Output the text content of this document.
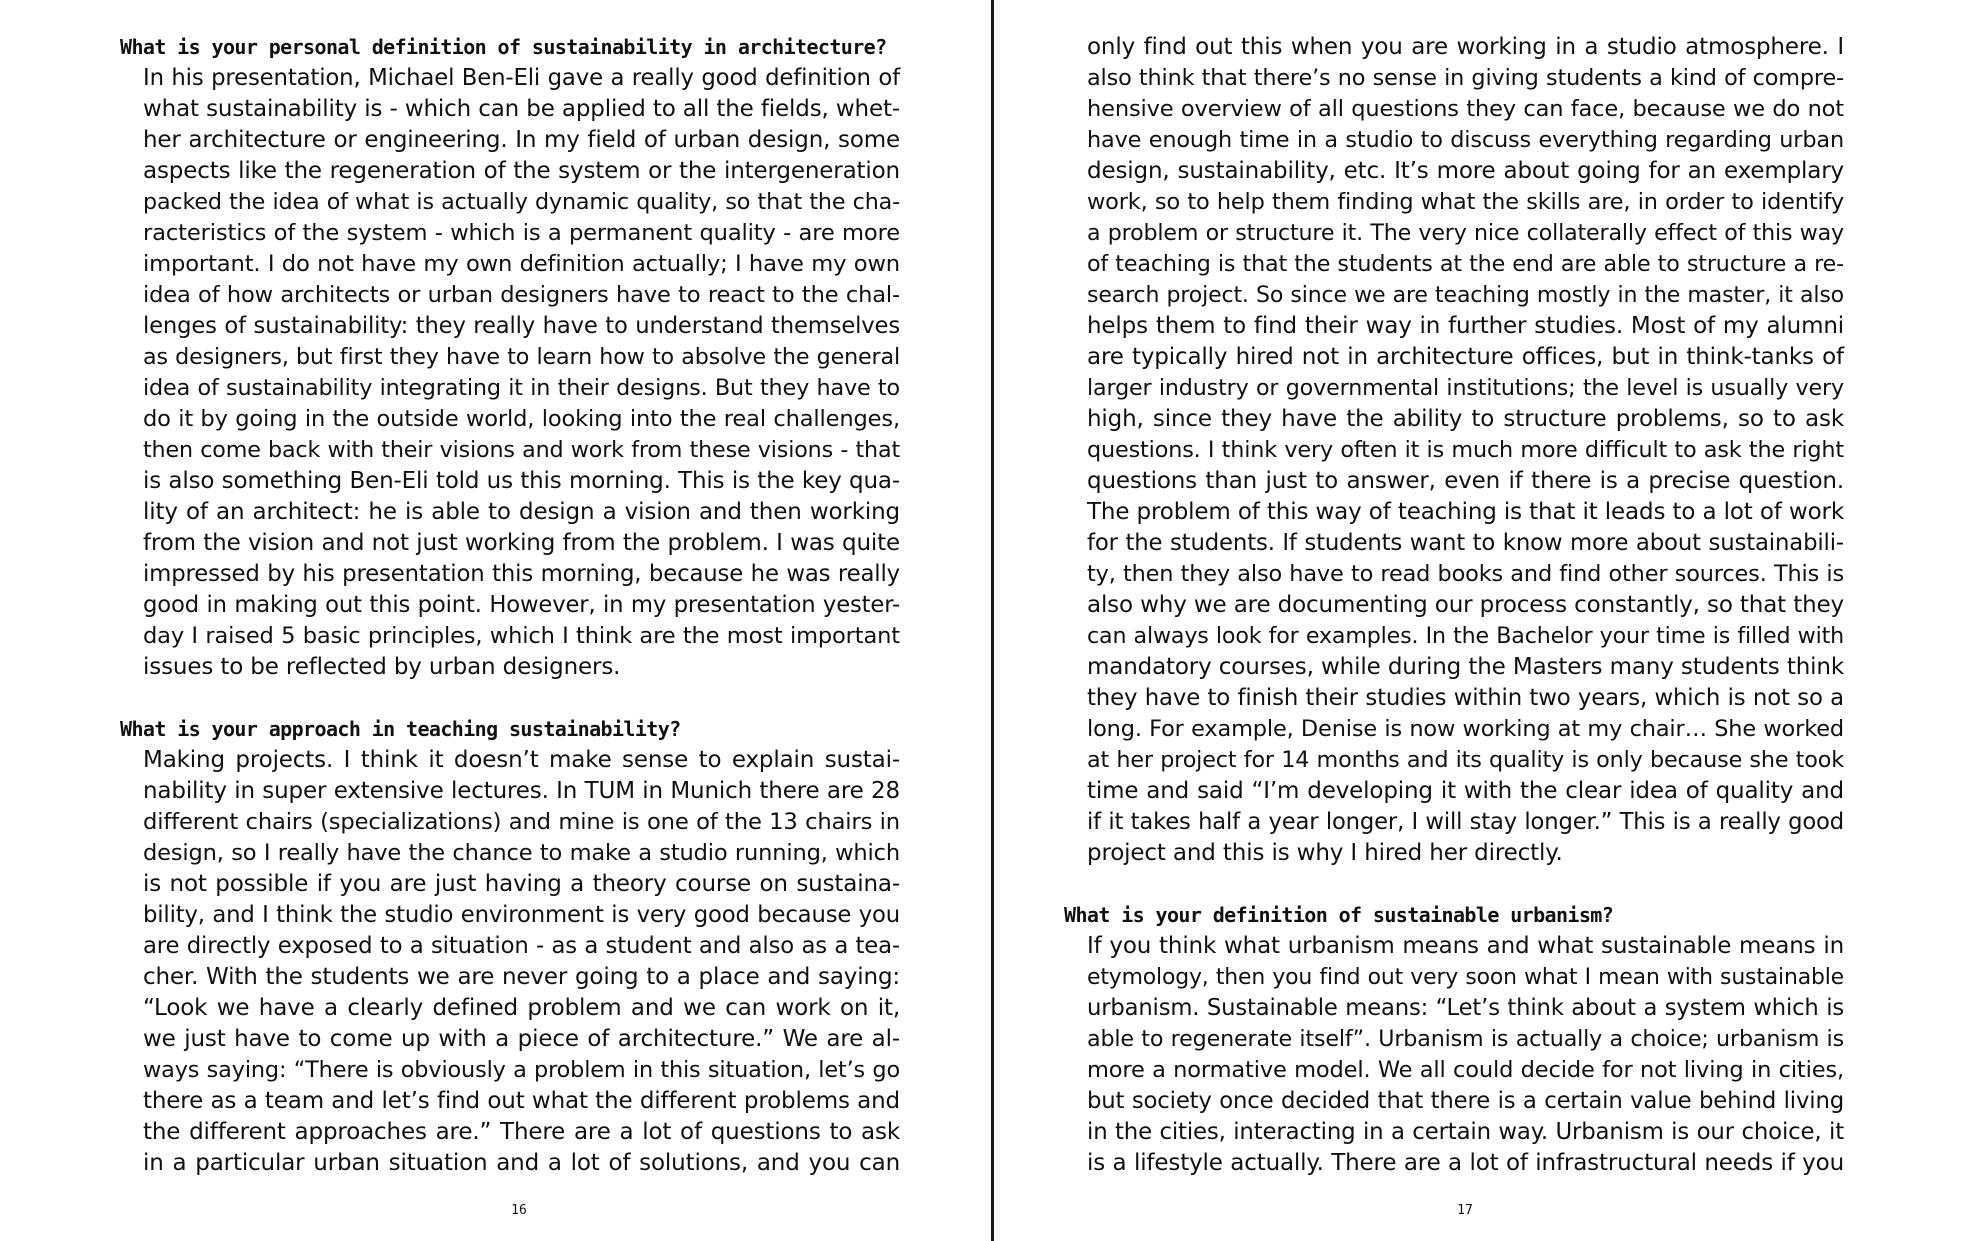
What is your personal definition of sustainability in architecture?
In his presentation, Michael Ben-Eli gave a really good definition of
what sustainability is - which can be applied to all the fields, whet-
her architecture or engineering. In my field of urban design, some
aspects like the regeneration of the system or the intergeneration
packed the idea of what is actually dynamic quality, so that the cha-
racteristics of the system - which is a permanent quality - are more
important. I do not have my own definition actually; I have my own
idea of how architects or urban designers have to react to the chal-
lenges of sustainability: they really have to understand themselves
as designers, but first they have to learn how to absolve the general
idea of sustainability integrating it in their designs. But they have to
do it by going in the outside world, looking into the real challenges,
then come back with their visions and work from these visions - that
is also something Ben-Eli told us this morning. This is the key qua-
lity of an architect: he is able to design a vision and then working
from the vision and not just working from the problem. I was quite
impressed by his presentation this morning, because he was really
good in making out this point. However, in my presentation yester-
day I raised 5 basic principles, which I think are the most important
issues to be reflected by urban designers.
What is your approach in teaching sustainability?
Making projects. I think it doesn’t make sense to explain sustai-
nability in super extensive lectures. In TUM in Munich there are 28
different chairs (specializations) and mine is one of the 13 chairs in
design, so I really have the chance to make a studio running, which
is not possible if you are just having a theory course on sustaina-
bility, and I think the studio environment is very good because you
are directly exposed to a situation - as a student and also as a tea-
cher. With the students we are never going to a place and saying:
“Look we have a clearly defined problem and we can work on it,
we just have to come up with a piece of architecture.” We are al-
ways saying: “There is obviously a problem in this situation, let’s go
there as a team and let’s find out what the different problems and
the different approaches are.” There are a lot of questions to ask
in a particular urban situation and a lot of solutions, and you can
16
only find out this when you are working in a studio atmosphere. I
also think that there’s no sense in giving students a kind of compre-
hensive overview of all questions they can face, because we do not
have enough time in a studio to discuss everything regarding urban
design, sustainability, etc. It’s more about going for an exemplary
work, so to help them finding what the skills are, in order to identify
a problem or structure it. The very nice collaterally effect of this way
of teaching is that the students at the end are able to structure a re-
search project. So since we are teaching mostly in the master, it also
helps them to find their way in further studies. Most of my alumni
are typically hired not in architecture offices, but in think-tanks of
larger industry or governmental institutions; the level is usually very
high, since they have the ability to structure problems, so to ask
questions. I think very often it is much more difficult to ask the right
questions than just to answer, even if there is a precise question.
The problem of this way of teaching is that it leads to a lot of work
for the students. If students want to know more about sustainabili-
ty, then they also have to read books and find other sources. This is
also why we are documenting our process constantly, so that they
can always look for examples. In the Bachelor your time is filled with
mandatory courses, while during the Masters many students think
they have to finish their studies within two years, which is not so a
long. For example, Denise is now working at my chair… She worked
at her project for 14 months and its quality is only because she took
time and said “I’m developing it with the clear idea of quality and
if it takes half a year longer, I will stay longer.” This is a really good
project and this is why I hired her directly.
What is your definition of sustainable urbanism?
If you think what urbanism means and what sustainable means in
etymology, then you find out very soon what I mean with sustainable
urbanism. Sustainable means: “Let’s think about a system which is
able to regenerate itself”. Urbanism is actually a choice; urbanism is
more a normative model. We all could decide for not living in cities,
but society once decided that there is a certain value behind living
in the cities, interacting in a certain way. Urbanism is our choice, it
is a lifestyle actually. There are a lot of infrastructural needs if you
17
